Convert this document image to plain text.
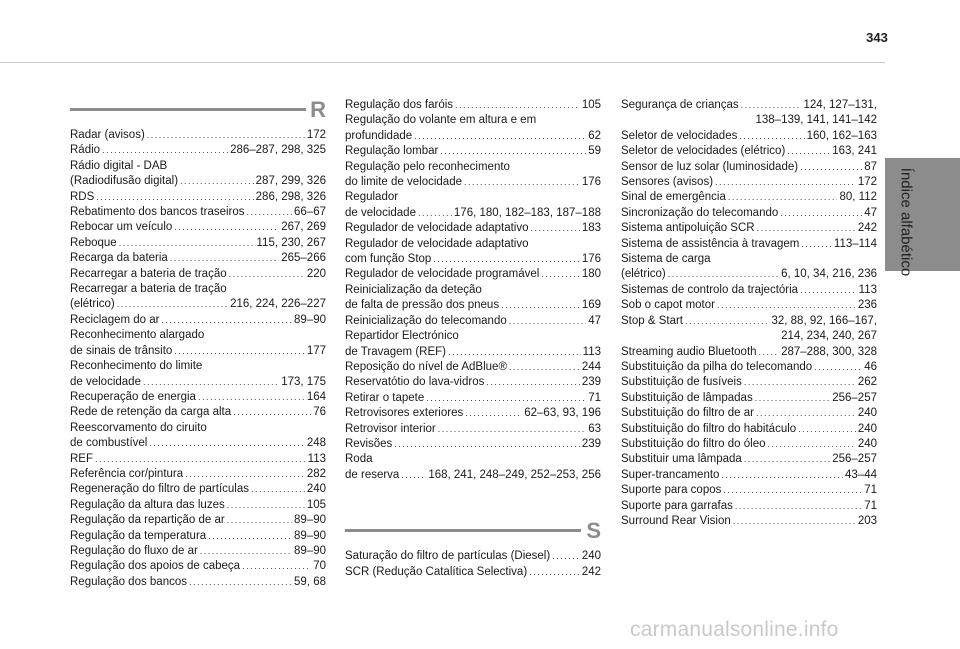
343
Índice alfabético
R
Radar (avisos) . . .	172
Rádio . . .	286–287, 298, 325
Rádio digital - DAB
(Radiodifusão digital) . . .	287, 299, 326
RDS . . .	286, 298, 326
Rebatimento dos bancos traseiros . . .	66–67
Rebocar um veículo . . .	267, 269
Reboque . . .	115, 230, 267
Recarga da bateria . . .	265–266
Recarregar a bateria de tração . . .	220
Recarregar a bateria de tração
(elétrico) . . .	216, 224, 226–227
Reciclagem do ar . . .	89–90
Reconhecimento alargado
de sinais de trânsito . . .	177
Reconhecimento do limite
de velocidade . . .	173, 175
Recuperação de energia . . .	164
Rede de retenção da carga alta . . .	76
Reescorvamento do ciruito
de combustível . . .	248
REF . . .	113
Referência cor/pintura . . .	282
Regeneração do filtro de partículas . . .	240
Regulação da altura das luzes . . .	105
Regulação da repartição de ar . . .	89–90
Regulação da temperatura . . .	89–90
Regulação do fluxo de ar . . .	89–90
Regulação dos apoios de cabeça . . .	70
Regulação dos bancos . . .	59, 68
Regulação dos faróis . . .	105
Regulação do volante em altura e em
profundidade . . .	62
Regulação lombar . . .	59
Regulação pelo reconhecimento
do limite de velocidade . . .	176
Regulador
de velocidade . . .	176, 180, 182–183, 187–188
Regulador de velocidade adaptativo . . .	183
Regulador de velocidade adaptativo
com função Stop . . .	176
Regulador de velocidade programável . . .	180
Reinicialização da deteção
de falta de pressão dos pneus . . .	169
Reinicialização do telecomando . . .	47
Repartidor Electrónico
de Travagem (REF) . . .	113
Reposição do nível de AdBlue® . . .	244
Reservatótio do lava-vidros . . .	239
Retirar o tapete . . .	71
Retrovisores exteriores . . .	62–63, 93, 196
Retrovisor interior . . .	63
Revisões . . .	239
Roda
de reserva . . .	168, 241, 248–249, 252–253, 256
S
Saturação do filtro de partículas (Diesel) . . .	240
SCR (Redução Catalítica Selectiva) . . .	242
Segurança de crianças . . .	124, 127–131,
138–139, 141, 141–142
Seletor de velocidades . . .	160, 162–163
Seletor de velocidades (elétrico) . . .	163, 241
Sensor de luz solar (luminosidade) . . .	87
Sensores (avisos) . . .	172
Sinal de emergência . . .	80, 112
Sincronização do telecomando . . .	47
Sistema antipoluição SCR . . .	242
Sistema de assistência à travagem . . .	113–114
Sistema de carga
(elétrico) . . .	6, 10, 34, 216, 236
Sistemas de controlo da trajectória . . .	113
Sob o capot motor . . .	236
Stop & Start . . .	32, 88, 92, 166–167,
214, 234, 240, 267
Streaming audio Bluetooth . . . 287–288, 300, 328
Substituição da pilha do telecomando . . .	46
Substituição de fusíveis . . .	262
Substituição de lâmpadas . . .	256–257
Substituição do filtro de ar . . .	240
Substituição do filtro do habitáculo . . .	240
Substituição do filtro do óleo . . .	240
Substituir uma lâmpada . . .	256–257
Super-trancamento . . .	43–44
Suporte para copos . . .	71
Suporte para garrafas . . .	71
Surround Rear Vision . . .	203
carmanualsonline.info
